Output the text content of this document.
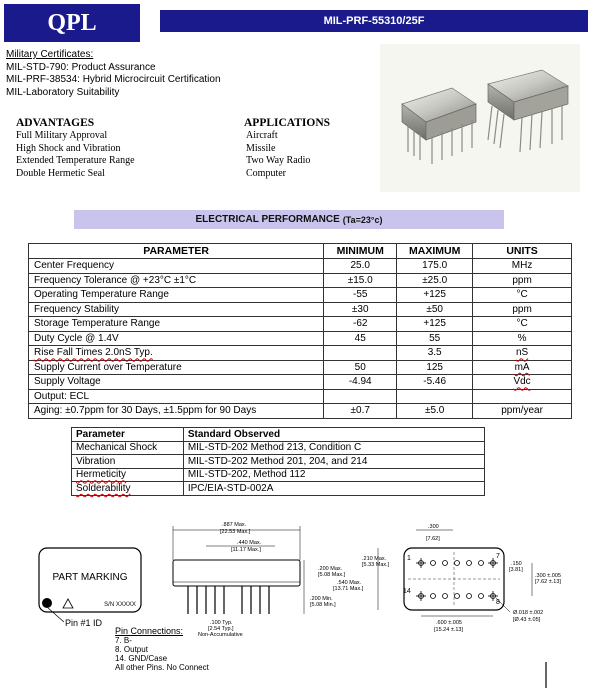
QPL	MIL-PRF-55310/25F
Military Certificates:
MIL-STD-790: Product Assurance
MIL-PRF-38534: Hybrid Microcircuit Certification
MIL-Laboratory Suitability
ADVANTAGES
Full Military Approval
High Shock and Vibration
Extended Temperature Range
Double Hermetic Seal
APPLICATIONS
Aircraft
Missile
Two Way Radio
Computer
ELECTRICAL PERFORMANCE (Ta=23°c)
PARAMETER	MINIMUM	MAXIMUM	UNITS
Center Frequency	25.0	175.0	MHz
Frequency Tolerance @ +23°C ±1°C	±15.0	±25.0	ppm
Operating Temperature Range	-55	+125	°C
Frequency Stability	±30	±50	ppm
Storage Temperature Range	-62	+125	°C
Duty Cycle @ 1.4V	45	55	%
Rise Fall Times 2.0nS Typ.		3.5	nS
Supply Current over Temperature	50	125	mA
Supply Voltage	-4.94	-5.46	Vdc
Output: ECL			
Aging: ±0.7ppm for 30 Days, ±1.5ppm for 90 Days	±0.7	±5.0	ppm/year
Parameter	Standard Observed
Mechanical Shock	MIL-STD-202 Method 213, Condition C
Vibration	MIL-STD-202 Method 201, 204, and 214
Hermeticity	MIL-STD-202, Method 112
Solderability	IPC/EIA-STD-002A
PART MARKING
S/N XXXXX
Pin #1 ID
.887 Max.
[22.53 Max.]
.440 Max.
[11.17 Max.]
.200 Max.
[5.08 Max.]
.200 Min.
[5.08 Min.]
.100 Typ.
[2.54 Typ.]
Non-Accumulative
.300
[7.62]
.210 Max.
[5.33 Max.]
.540 Max.
[13.71 Max.]
1	7
8
14
.150
[3.81]
.300 ±.005
[7.62 ±.13]
.600 ±.005
[15.24 ±.13]
Ø.018 ±.002
[Ø.43 ±.05]
Pin Connections:
7. B-
8. Output
14. GND/Case
All other Pins. No Connect
